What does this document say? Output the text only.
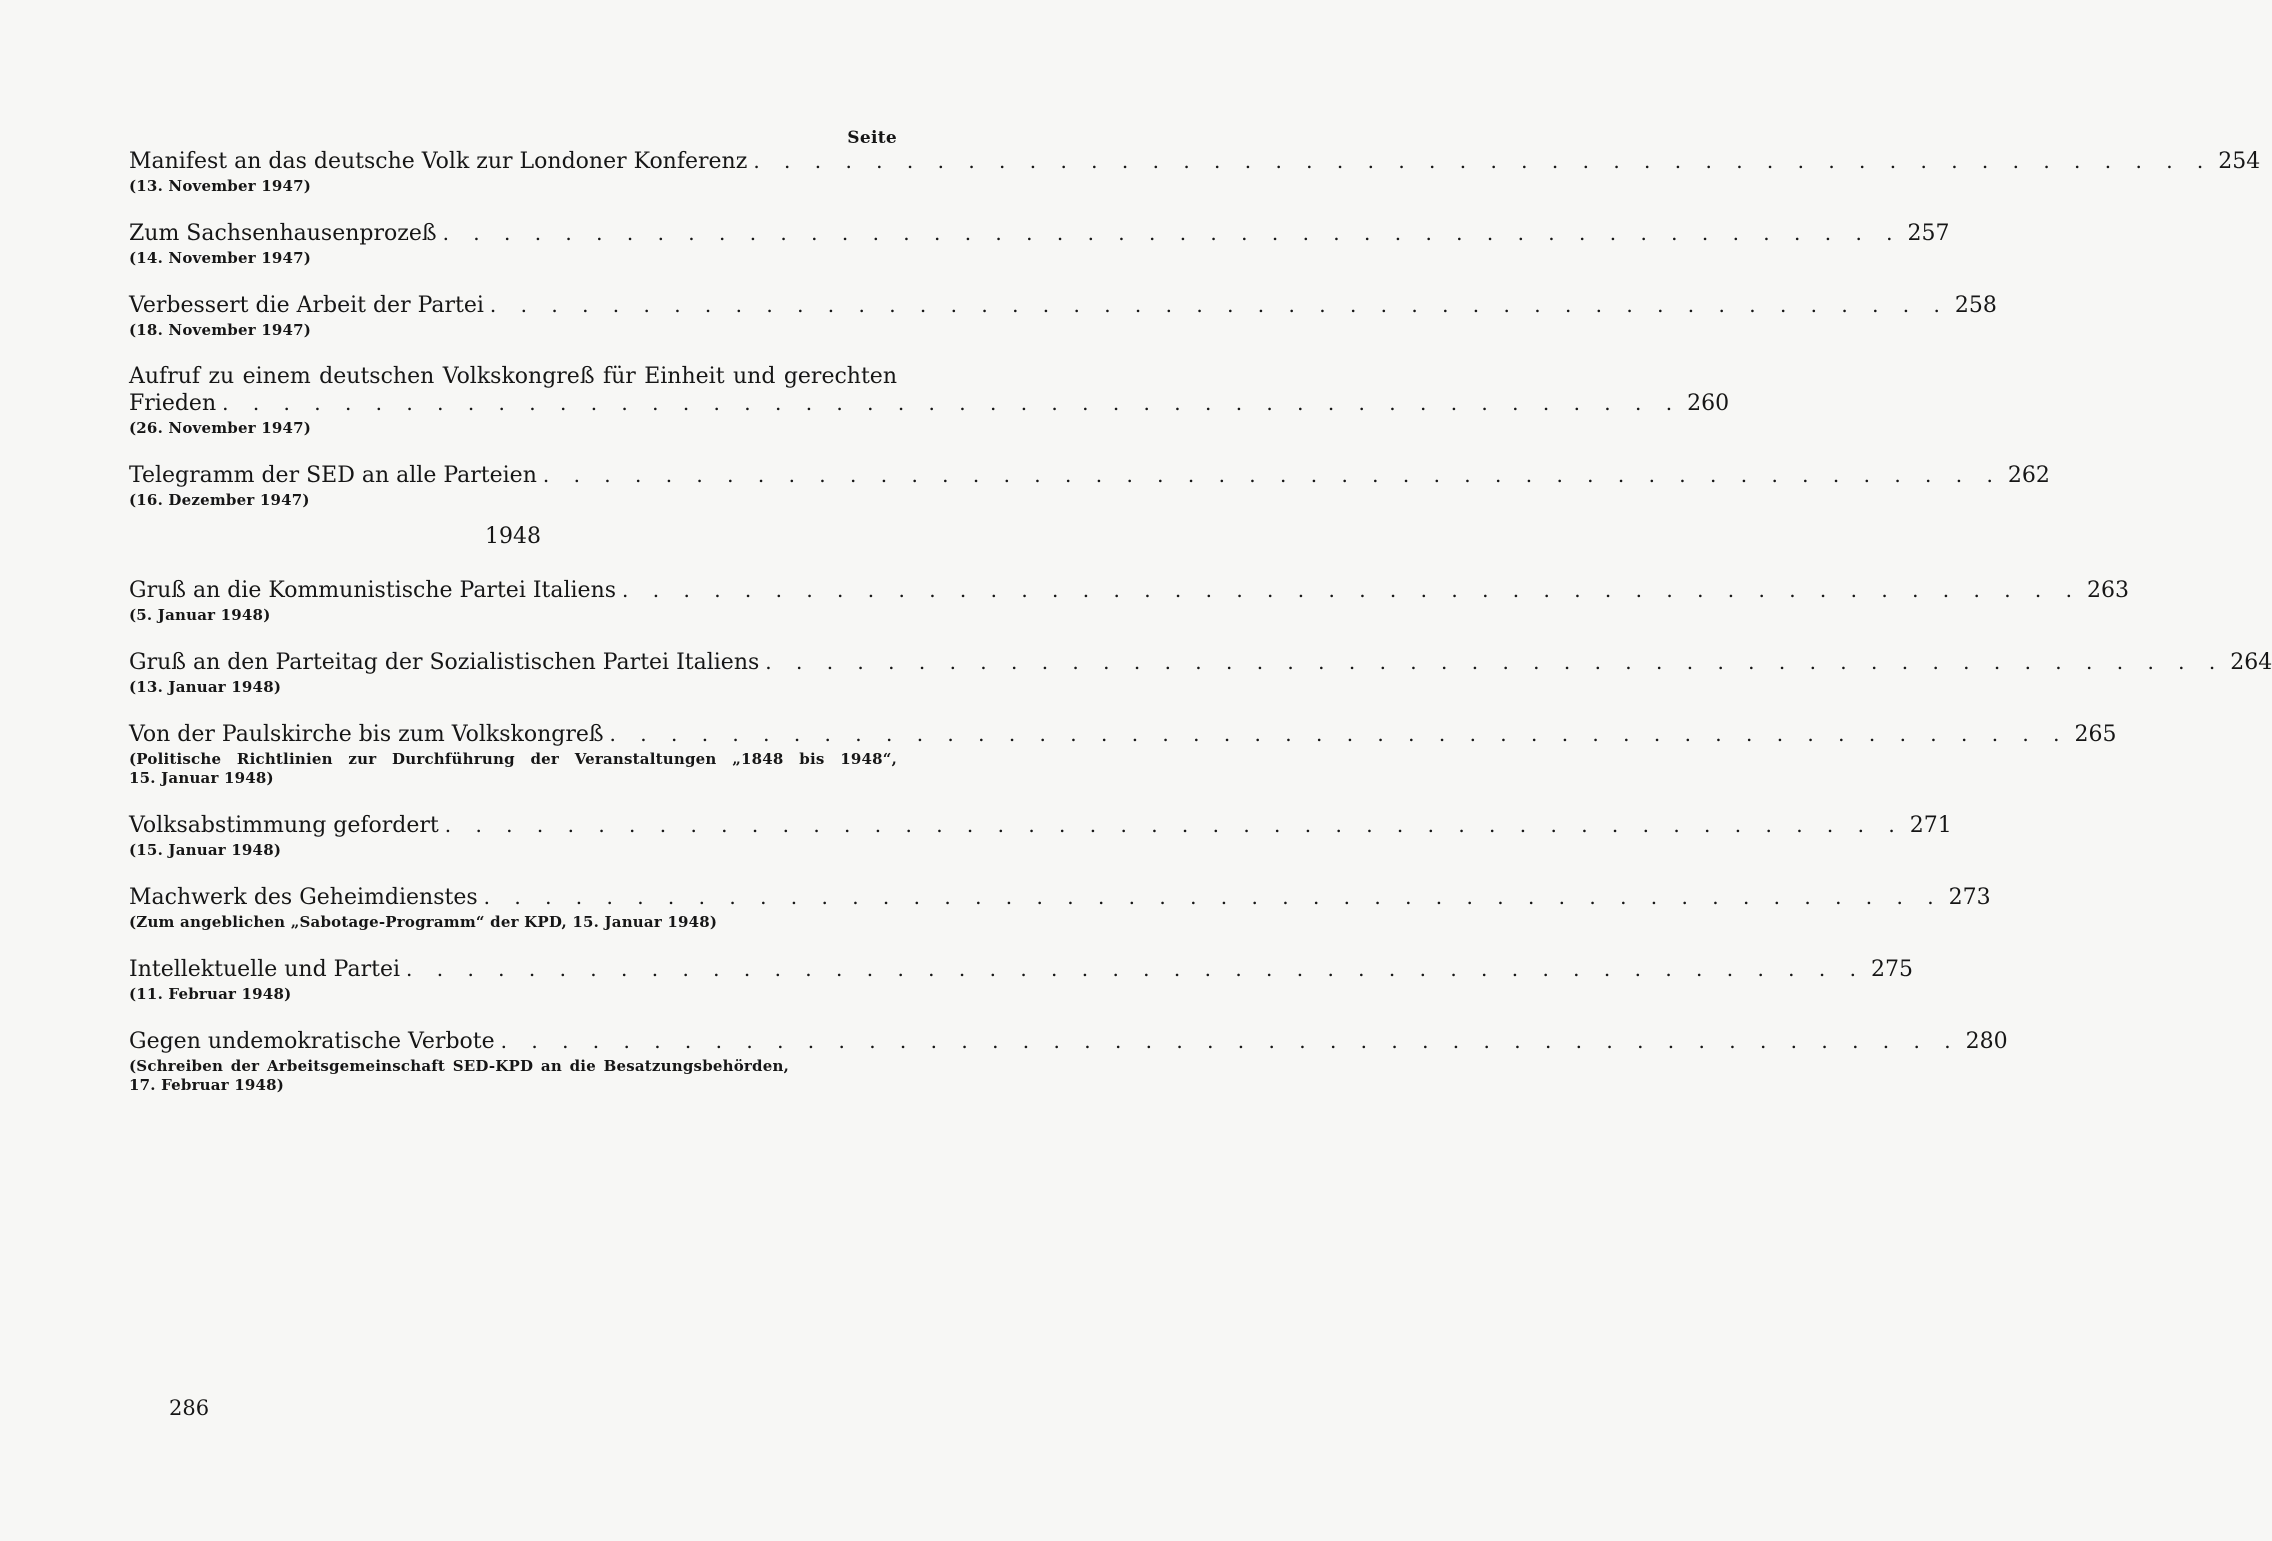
Seite
Manifest an das deutsche Volk zur Londoner Konferenz . . . . . . . . . . . . . . . . . . . . . . . . . . . . . . . . . . . . . . . . . . . . . . . . 254
(13. November 1947)
Zum Sachsenhausenprozeß . . . . . . . . . . . . . . . . . . . . . . . . . . . . . . . . . . . . . . . . . . . . . . . . 257
(14. November 1947)
Verbessert die Arbeit der Partei . . . . . . . . . . . . . . . . . . . . . . . . . . . . . . . . . . . . . . . . . . . . . . . . 258
(18. November 1947)
Aufruf zu einem deutschen Volkskongreß für Einheit und gerechten
Frieden . . . . . . . . . . . . . . . . . . . . . . . . . . . . . . . . . . . . . . . . . . . . . . . . 260
(26. November 1947)
Telegramm der SED an alle Parteien . . . . . . . . . . . . . . . . . . . . . . . . . . . . . . . . . . . . . . . . . . . . . . . . 262
(16. Dezember 1947)
1948
Gruß an die Kommunistische Partei Italiens . . . . . . . . . . . . . . . . . . . . . . . . . . . . . . . . . . . . . . . . . . . . . . . . 263
(5. Januar 1948)
Gruß an den Parteitag der Sozialistischen Partei Italiens . . . . . . . . . . . . . . . . . . . . . . . . . . . . . . . . . . . . . . . . . . . . . . . . 264
(13. Januar 1948)
Von der Paulskirche bis zum Volkskongreß . . . . . . . . . . . . . . . . . . . . . . . . . . . . . . . . . . . . . . . . . . . . . . . . 265
(Politische Richtlinien zur Durchführung der Veranstaltungen „1848 bis 1948“,
15. Januar 1948)
Volksabstimmung gefordert . . . . . . . . . . . . . . . . . . . . . . . . . . . . . . . . . . . . . . . . . . . . . . . . 271
(15. Januar 1948)
Machwerk des Geheimdienstes . . . . . . . . . . . . . . . . . . . . . . . . . . . . . . . . . . . . . . . . . . . . . . . . 273
(Zum angeblichen „Sabotage-Programm“ der KPD, 15. Januar 1948)
Intellektuelle und Partei . . . . . . . . . . . . . . . . . . . . . . . . . . . . . . . . . . . . . . . . . . . . . . . . 275
(11. Februar 1948)
Gegen undemokratische Verbote . . . . . . . . . . . . . . . . . . . . . . . . . . . . . . . . . . . . . . . . . . . . . . . . 280
(Schreiben der Arbeitsgemeinschaft SED-KPD an die Besatzungsbehörden,
17. Februar 1948)
286
